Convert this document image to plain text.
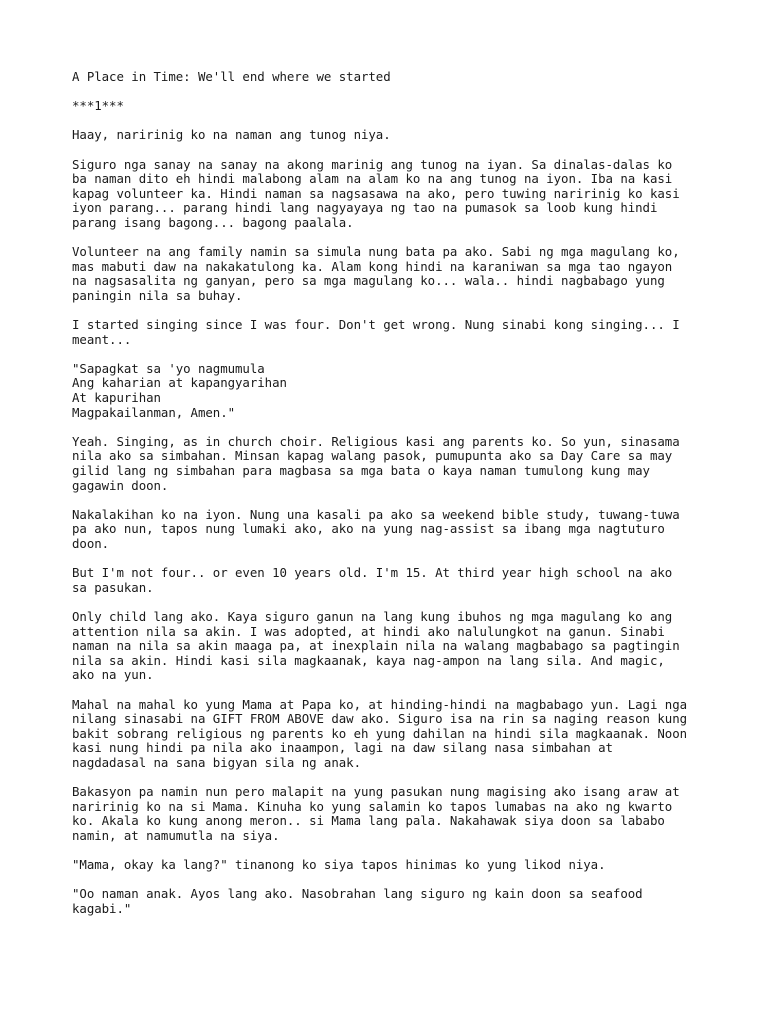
A Place in Time: We'll end where we started
***1***
Haay, naririnig ko na naman ang tunog niya.
Siguro nga sanay na sanay na akong marinig ang tunog na iyan. Sa dinalas-dalas ko
ba naman dito eh hindi malabong alam na alam ko na ang tunog na iyon. Iba na kasi
kapag volunteer ka. Hindi naman sa nagsasawa na ako, pero tuwing naririnig ko kasi
iyon parang... parang hindi lang nagyayaya ng tao na pumasok sa loob kung hindi
parang isang bagong... bagong paalala.
Volunteer na ang family namin sa simula nung bata pa ako. Sabi ng mga magulang ko,
mas mabuti daw na nakakatulong ka. Alam kong hindi na karaniwan sa mga tao ngayon
na nagsasalita ng ganyan, pero sa mga magulang ko... wala.. hindi nagbabago yung
paningin nila sa buhay.
I started singing since I was four. Don't get wrong. Nung sinabi kong singing... I
meant...
"Sapagkat sa 'yo nagmumula
Ang kaharian at kapangyarihan
At kapurihan
Magpakailanman, Amen."
Yeah. Singing, as in church choir. Religious kasi ang parents ko. So yun, sinasama
nila ako sa simbahan. Minsan kapag walang pasok, pumupunta ako sa Day Care sa may
gilid lang ng simbahan para magbasa sa mga bata o kaya naman tumulong kung may
gagawin doon.
Nakalakihan ko na iyon. Nung una kasali pa ako sa weekend bible study, tuwang-tuwa
pa ako nun, tapos nung lumaki ako, ako na yung nag-assist sa ibang mga nagtuturo
doon.
But I'm not four.. or even 10 years old. I'm 15. At third year high school na ako
sa pasukan.
Only child lang ako. Kaya siguro ganun na lang kung ibuhos ng mga magulang ko ang
attention nila sa akin. I was adopted, at hindi ako nalulungkot na ganun. Sinabi
naman na nila sa akin maaga pa, at inexplain nila na walang magbabago sa pagtingin
nila sa akin. Hindi kasi sila magkaanak, kaya nag-ampon na lang sila. And magic,
ako na yun.
Mahal na mahal ko yung Mama at Papa ko, at hinding-hindi na magbabago yun. Lagi nga
nilang sinasabi na GIFT FROM ABOVE daw ako. Siguro isa na rin sa naging reason kung
bakit sobrang religious ng parents ko eh yung dahilan na hindi sila magkaanak. Noon
kasi nung hindi pa nila ako inaampon, lagi na daw silang nasa simbahan at
nagdadasal na sana bigyan sila ng anak.
Bakasyon pa namin nun pero malapit na yung pasukan nung magising ako isang araw at
naririnig ko na si Mama. Kinuha ko yung salamin ko tapos lumabas na ako ng kwarto
ko. Akala ko kung anong meron.. si Mama lang pala. Nakahawak siya doon sa lababo
namin, at namumutla na siya.
"Mama, okay ka lang?" tinanong ko siya tapos hinimas ko yung likod niya.
"Oo naman anak. Ayos lang ako. Nasobrahan lang siguro ng kain doon sa seafood
kagabi."
